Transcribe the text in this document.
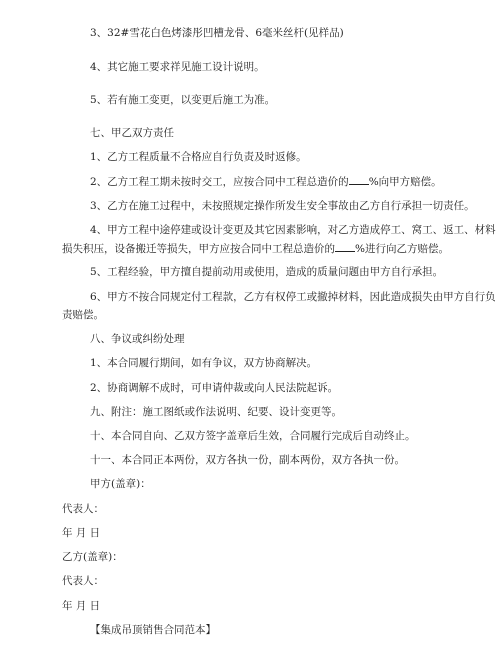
3、32#雪花白色烤漆彤凹槽龙骨、6毫米丝杆(见样品)
4、其它施工要求祥见施工设计说明。
5、若有施工变更，以变更后施工为准。
七、甲乙双方责任
1、乙方工程质量不合格应自行负责及时返修。
2、乙方工程工期未按时交工，应按合同中工程总造价的 %向甲方赔偿。
3、乙方在施工过程中，未按照规定操作所发生安全事故由乙方自行承担一切责任。
4、甲方工程中途停建或设计变更及其它因素影响，对乙方造成停工、窝工、返工、材料
损失积压，设备搬迁等损失，甲方应按合同中工程总造价的 %进行向乙方赔偿。
5、工程经验，甲方擅自提前动用或使用，造成的质量问题由甲方自行承担。
6、甲方不按合同规定付工程款，乙方有权停工或撤掉材料，因此造成损失由甲方自行负
责赔偿。
八、争议或纠纷处理
1、本合同履行期间，如有争议，双方协商解决。
2、协商调解不成时，可申请仲裁或向人民法院起诉。
九、附注：施工图纸或作法说明、纪要、设计变更等。
十、本合同自向、乙双方签字盖章后生效，合同履行完成后自动终止。
十一、本合同正本两份，双方各执一份，副本两份，双方各执一份。
甲方(盖章)：
代表人：
年 月 日
乙方(盖章)：
代表人：
年 月 日
【集成吊顶销售合同范本】
